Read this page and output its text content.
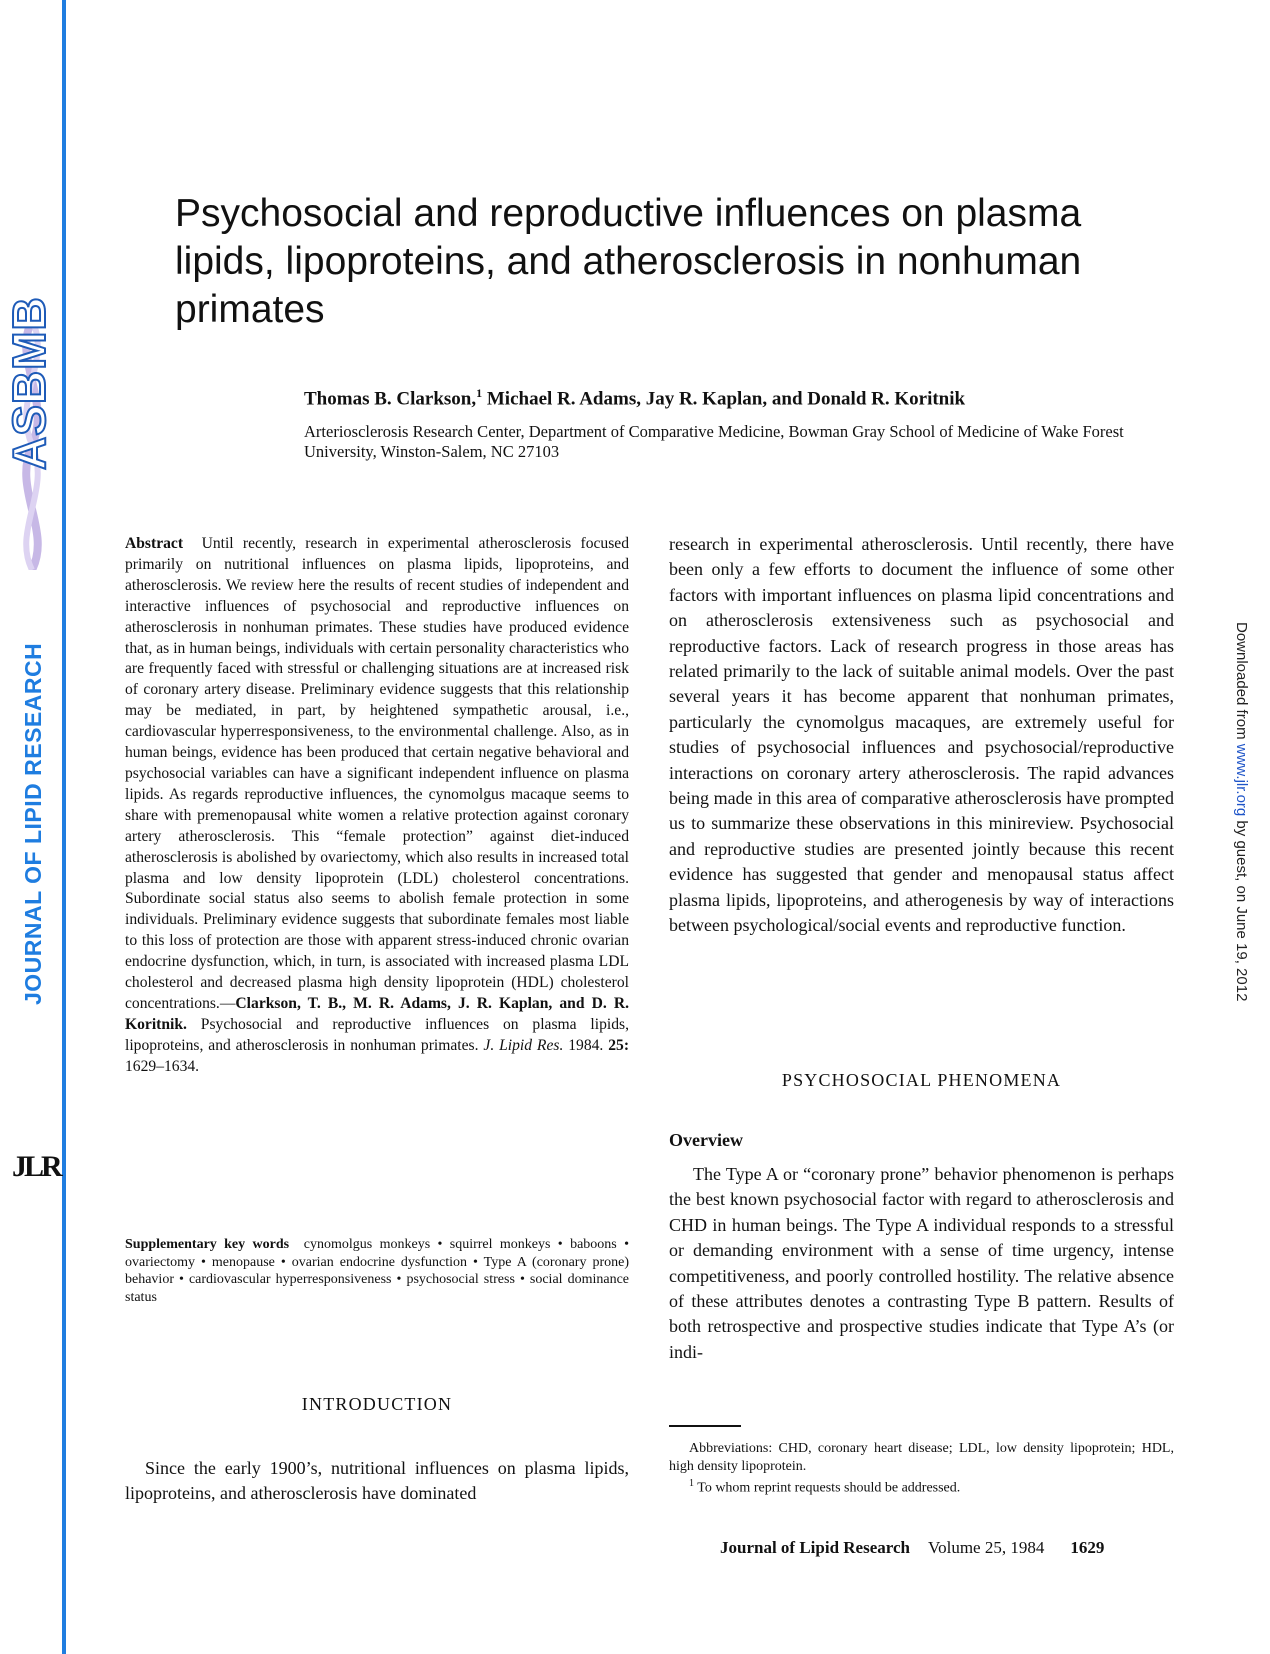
ASBMB
JOURNAL OF LIPID RESEARCH
JLR
Downloaded from www.jlr.org by guest, on June 19, 2012
Psychosocial and reproductive influences on plasma lipids, lipoproteins, and atherosclerosis in nonhuman primates
Thomas B. Clarkson,$^1$ Michael R. Adams, Jay R. Kaplan, and Donald R. Koritnik
Arteriosclerosis Research Center, Department of Comparative Medicine, Bowman Gray School of Medicine of Wake Forest University, Winston-Salem, NC 27103

Abstract Until recently, research in experimental atherosclerosis focused primarily on nutritional influences on plasma lipids, lipoproteins, and atherosclerosis. We review here the results of recent studies of independent and interactive influences of psychosocial and reproductive influences on atherosclerosis in nonhuman primates. These studies have produced evidence that, as in human beings, individuals with certain personality characteristics who are frequently faced with stressful or challenging situations are at increased risk of coronary artery disease. Preliminary evidence suggests that this relationship may be mediated, in part, by heightened sympathetic arousal, i.e., cardiovascular hyperresponsiveness, to the environmental challenge. Also, as in human beings, evidence has been produced that certain negative behavioral and psychosocial variables can have a significant independent influence on plasma lipids. As regards reproductive influences, the cynomolgus macaque seems to share with premenopausal white women a relative protection against coronary artery atherosclerosis. This “female protection” against diet-induced atherosclerosis is abolished by ovariectomy, which also results in increased total plasma and low density lipoprotein (LDL) cholesterol concentrations. Subordinate social status also seems to abolish female protection in some individuals. Preliminary evidence suggests that subordinate females most liable to this loss of protection are those with apparent stress-induced chronic ovarian endocrine dysfunction, which, in turn, is associated with increased plasma LDL cholesterol and decreased plasma high density lipoprotein (HDL) cholesterol concentrations.—Clarkson, T. B., M. R. Adams, J. R. Kaplan, and D. R. Koritnik. Psychosocial and reproductive influences on plasma lipids, lipoproteins, and atherosclerosis in nonhuman primates. J. Lipid Res. 1984. 25: 1629–1634.

Supplementary key words cynomolgus monkeys • squirrel monkeys • baboons • ovariectomy • menopause • ovarian endocrine dysfunction • Type A (coronary prone) behavior • cardiovascular hyperresponsiveness • psychosocial stress • social dominance status
INTRODUCTION
Since the early 1900’s, nutritional influences on plasma lipids, lipoproteins, and atherosclerosis have dominated
research in experimental atherosclerosis. Until recently, there have been only a few efforts to document the influence of some other factors with important influences on plasma lipid concentrations and on atherosclerosis extensiveness such as psychosocial and reproductive factors. Lack of research progress in those areas has related primarily to the lack of suitable animal models. Over the past several years it has become apparent that nonhuman primates, particularly the cynomolgus macaques, are extremely useful for studies of psychosocial influences and psychosocial/reproductive interactions on coronary artery atherosclerosis. The rapid advances being made in this area of comparative atherosclerosis have prompted us to summarize these observations in this minireview. Psychosocial and reproductive studies are presented jointly because this recent evidence has suggested that gender and menopausal status affect plasma lipids, lipoproteins, and atherogenesis by way of interactions between psychological/social events and reproductive function.
PSYCHOSOCIAL PHENOMENA
Overview
The Type A or “coronary prone” behavior phenomenon is perhaps the best known psychosocial factor with regard to atherosclerosis and CHD in human beings. The Type A individual responds to a stressful or demanding environment with a sense of time urgency, intense competitiveness, and poorly controlled hostility. The relative absence of these attributes denotes a contrasting Type B pattern. Results of both retrospective and prospective studies indicate that Type A’s (or indi-

Abbreviations: CHD, coronary heart disease; LDL, low density lipoprotein; HDL, high density lipoprotein.

$^1$ To whom reprint requests should be addressed.

Journal of Lipid Research Volume 25, 1984 1629
